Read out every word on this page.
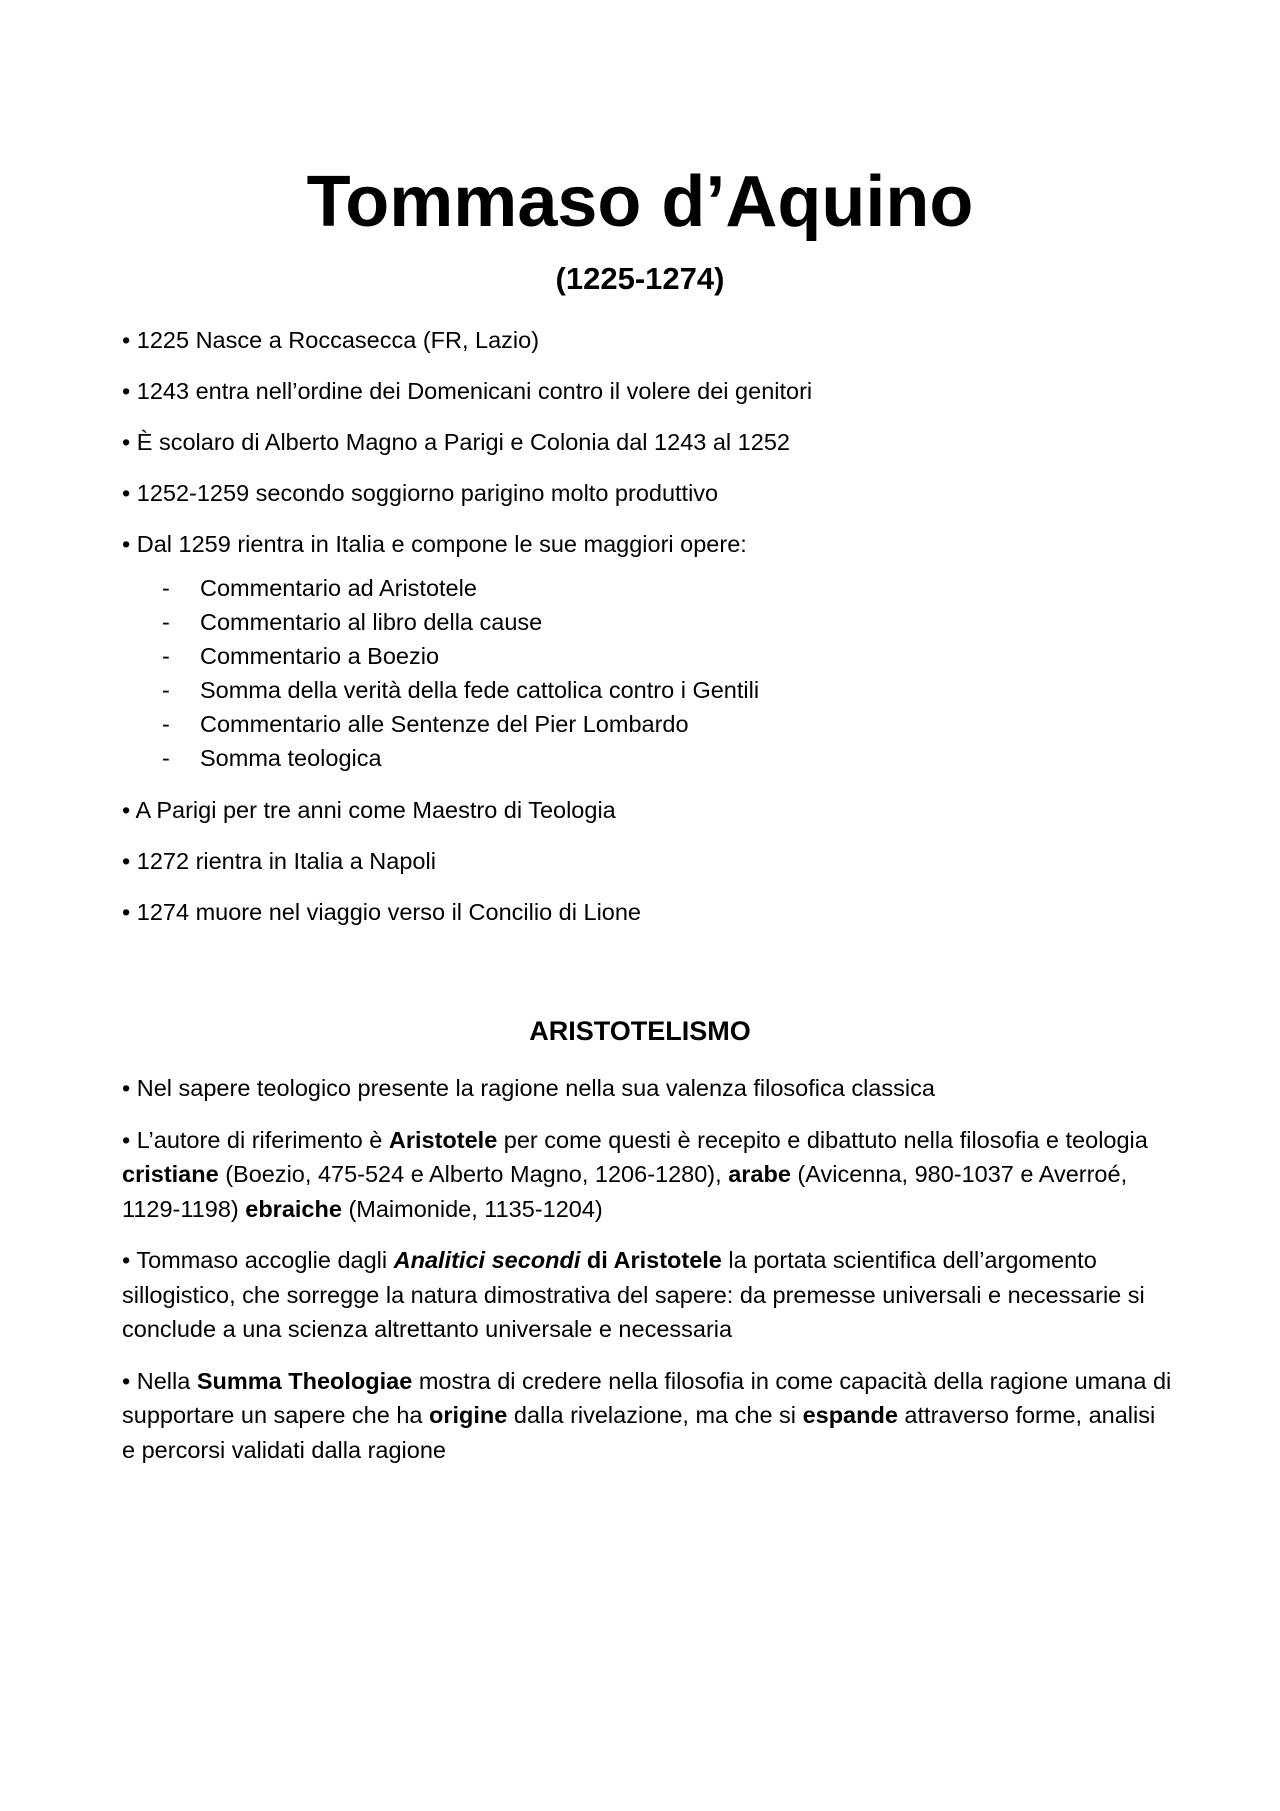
Tommaso d’Aquino
(1225-1274)
• 1225 Nasce a Roccasecca (FR, Lazio)
• 1243 entra nell’ordine dei Domenicani contro il volere dei genitori
• È scolaro di Alberto Magno a Parigi e Colonia dal 1243 al 1252
• 1252-1259 secondo soggiorno parigino molto produttivo
• Dal 1259 rientra in Italia e compone le sue maggiori opere:
- Commentario ad Aristotele
- Commentario al libro della cause
- Commentario a Boezio
- Somma della verità della fede cattolica contro i Gentili
- Commentario alle Sentenze del Pier Lombardo
- Somma teologica
• A Parigi per tre anni come Maestro di Teologia
• 1272 rientra in Italia a Napoli
• 1274 muore nel viaggio verso il Concilio di Lione
ARISTOTELISMO

• Nel sapere teologico presente la ragione nella sua valenza filosofica classica

• L’autore di riferimento è Aristotele per come questi è recepito e dibattuto nella filosofia e teologia cristiane (Boezio, 475-524 e Alberto Magno, 1206-1280), arabe (Avicenna, 980-1037 e Averroé, 1129-1198) ebraiche (Maimonide, 1135-1204)

• Tommaso accoglie dagli Analitici secondi di Aristotele la portata scientifica dell’argomento sillogistico, che sorregge la natura dimostrativa del sapere: da premesse universali e necessarie si conclude a una scienza altrettanto universale e necessaria

• Nella Summa Theologiae mostra di credere nella filosofia in come capacità della ragione umana di supportare un sapere che ha origine dalla rivelazione, ma che si espande attraverso forme, analisi e percorsi validati dalla ragione
